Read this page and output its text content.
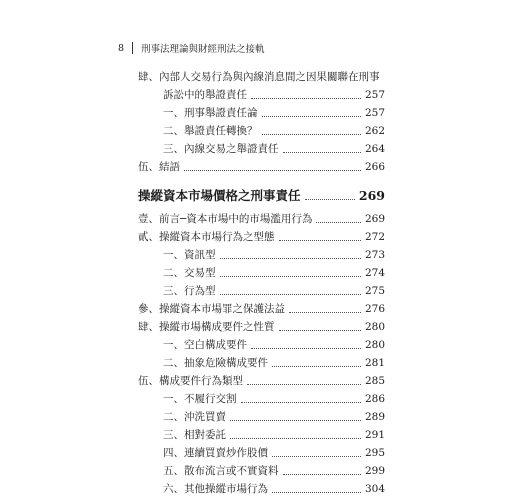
8	刑事法理論與財經刑法之接軌
肆、內部人交易行為與內線消息間之因果關聯在刑事
訴訟中的舉證責任	257
一、刑事舉證責任論	257
二、舉證責任轉換？	262
三、內線交易之舉證責任	264
伍、結語	266
操縱資本市場價格之刑事責任	269
壹、前言─資本市場中的市場濫用行為	269
貳、操縱資本市場行為之型態	272
一、資訊型	273
二、交易型	274
三、行為型	275
參、操縱資本市場罪之保護法益	276
肆、操縱市場構成要件之性質	280
一、空白構成要件	280
二、抽象危險構成要件	281
伍、構成要件行為類型	285
一、不履行交割	286
二、沖洗買賣	289
三、相對委託	291
四、連續買賣炒作股價	295
五、散布流言或不實資料	299
六、其他操縱市場行為	304
